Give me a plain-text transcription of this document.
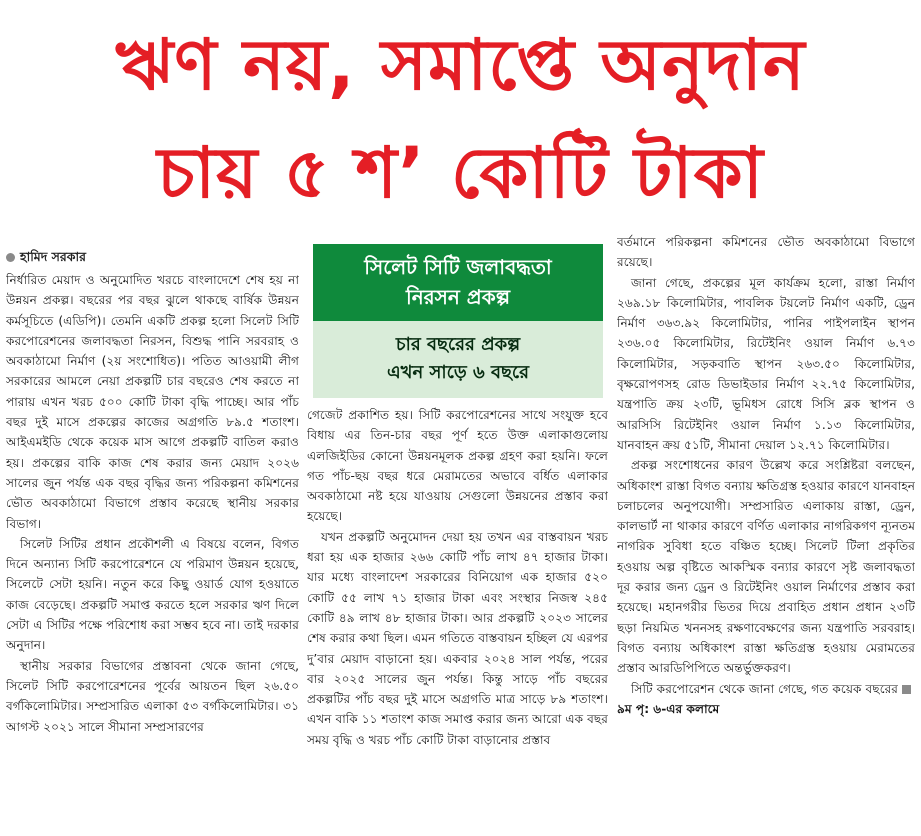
ঋণ নয়, সমাপ্তে অনুদান
চায় ৫ শ’ কোটি টাকা
হামিদ সরকার

নির্ধারিত মেয়াদ ও অনুমোদিত খরচে বাংলাদেশে শেষ হয় না উন্নয়ন প্রকল্প। বছরের পর বছর ঝুলে থাকছে বার্ষিক উন্নয়ন কর্মসূচিতে (এডিপি)। তেমনি একটি প্রকল্প হলো সিলেট সিটি করপোরেশনের জলাবদ্ধতা নিরসন, বিশুদ্ধ পানি সরবরাহ ও অবকাঠামো নির্মাণ (২য় সংশোধিত)। পতিত আওয়ামী লীগ সরকারের আমলে নেয়া প্রকল্পটি চার বছরেও শেষ করতে না পারায় এখন খরচ ৫০০ কোটি টাকা বৃদ্ধি পাচ্ছে। আর পাঁচ বছর দুই মাসে প্রকল্পের কাজের অগ্রগতি ৮৯.৫ শতাংশ। আইএমইডি থেকে কয়েক মাস আগে প্রকল্পটি বাতিল করাও হয়। প্রকল্পের বাকি কাজ শেষ করার জন্য মেয়াদ ২০২৬ সালের জুন পর্যন্ত এক বছর বৃদ্ধির জন্য পরিকল্পনা কমিশনের ভৌত অবকাঠামো বিভাগে প্রস্তাব করেছে স্থানীয় সরকার বিভাগ।

সিলেট সিটির প্রধান প্রকৌশলী এ বিষয়ে বলেন, বিগত দিনে অন্যান্য সিটি করপোরেশনে যে পরিমাণ উন্নয়ন হয়েছে, সিলেটে সেটা হয়নি। নতুন করে কিছু ওয়ার্ড যোগ হওয়াতে কাজ বেড়েছে। প্রকল্পটি সমাপ্ত করতে হলে সরকার ঋণ দিলে সেটা এ সিটির পক্ষে পরিশোধ করা সম্ভব হবে না। তাই দরকার অনুদান।

স্থানীয় সরকার বিভাগের প্রস্তাবনা থেকে জানা গেছে, সিলেট সিটি করপোরেশনের পূর্বের আয়তন ছিল ২৬.৫০ বর্গকিলোমিটার। সম্প্রসারিত এলাকা ৫৩ বর্গকিলোমিটার। ৩১ আগস্ট ২০২১ সালে সীমানা সম্প্রসারণের

সিলেট সিটি জলাবদ্ধতা
নিরসন প্রকল্প
চার বছরের প্রকল্প
এখন সাড়ে ৬ বছরে

গেজেট প্রকাশিত হয়। সিটি করপোরেশনের সাথে সংযুক্ত হবে বিধায় এর তিন-চার বছর পূর্ণ হতে উক্ত এলাকাগুলোয় এলজিইডির কোনো উন্নয়নমূলক প্রকল্প গ্রহণ করা হয়নি। ফলে গত পাঁচ-ছয় বছর ধরে মেরামতের অভাবে বর্ধিত এলাকার অবকাঠামো নষ্ট হয়ে যাওয়ায় সেগুলো উন্নয়নের প্রস্তাব করা হয়েছে।

যখন প্রকল্পটি অনুমোদন দেয়া হয় তখন এর বাস্তবায়ন খরচ ধরা হয় এক হাজার ২৬৬ কোটি পাঁচ লাখ ৪৭ হাজার টাকা। যার মধ্যে বাংলাদেশ সরকারের বিনিয়োগ এক হাজার ৫২০ কোটি ৫৫ লাখ ৭১ হাজার টাকা এবং সংস্থার নিজস্ব ২৪৫ কোটি ৪৯ লাখ ৪৮ হাজার টাকা। আর প্রকল্পটি ২০২৩ সালের শেষ করার কথা ছিল। এমন গতিতে বাস্তবায়ন হচ্ছিল যে এরপর দু’বার মেয়াদ বাড়ানো হয়। একবার ২০২৪ সাল পর্যন্ত, পরের বার ২০২৫ সালের জুন পর্যন্ত। কিন্তু সাড়ে পাঁচ বছরের প্রকল্পটির পাঁচ বছর দুই মাসে অগ্রগতি মাত্র সাড়ে ৮৯ শতাংশ। এখন বাকি ১১ শতাংশ কাজ সমাপ্ত করার জন্য আরো এক বছর সময় বৃদ্ধি ও খরচ পাঁচ কোটি টাকা বাড়ানোর প্রস্তাব

বর্তমানে পরিকল্পনা কমিশনের ভৌত অবকাঠামো বিভাগে রয়েছে।

জানা গেছে, প্রকল্পের মূল কার্যক্রম হলো, রাস্তা নির্মাণ ২৬৯.১৮ কিলোমিটার, পাবলিক টয়লেট নির্মাণ একটি, ড্রেন নির্মাণ ৩৬৩.৯২ কিলোমিটার, পানির পাইপলাইন স্থাপন ২৩৬.০৫ কিলোমিটার, রিটেইনিং ওয়াল নির্মাণ ৬.৭৩ কিলোমিটার, সড়কবাতি স্থাপন ২৬৩.৫০ কিলোমিটার, বৃক্ষরোপণসহ রোড ডিভাইডার নির্মাণ ২২.৭৫ কিলোমিটার, যন্ত্রপাতি ক্রয় ২৩টি, ভূমিধস রোধে সিসি ব্লক স্থাপন ও আরসিসি রিটেইনিং ওয়াল নির্মাণ ১.১৩ কিলোমিটার, যানবাহন ক্রয় ৫১টি, সীমানা দেয়াল ১২.৭১ কিলোমিটার।

প্রকল্প সংশোধনের কারণ উল্লেখ করে সংশ্লিষ্টরা বলছেন, অধিকাংশ রাস্তা বিগত বন্যায় ক্ষতিগ্রস্ত হওয়ার কারণে যানবাহন চলাচলের অনুপযোগী। সম্প্রসারিত এলাকায় রাস্তা, ড্রেন, কালভার্ট না থাকার কারণে বর্ণিত এলাকার নাগরিকগণ ন্যূনতম নাগরিক সুবিধা হতে বঞ্চিত হচ্ছে। সিলেট টিলা প্রকৃতির হওয়ায় অল্প বৃষ্টিতে আকস্মিক বন্যার কারণে সৃষ্ট জলাবদ্ধতা দূর করার জন্য ড্রেন ও রিটেইনিং ওয়াল নির্মাণের প্রস্তাব করা হয়েছে। মহানগরীর ভিতর দিয়ে প্রবাহিত প্রধান প্রধান ২৩টি ছড়া নিয়মিত খননসহ রক্ষণাবেক্ষণের জন্য যন্ত্রপাতি সরবরাহ। বিগত বন্যায় অধিকাংশ রাস্তা ক্ষতিগ্রস্ত হওয়ায় মেরামতের প্রস্তাব আরডিপিপিতে অন্তর্ভুক্তকরণ।

সিটি করপোরেশন থেকে জানা গেছে, গত কয়েক বছরের৯ম পৃ: ৬-এর কলামে
